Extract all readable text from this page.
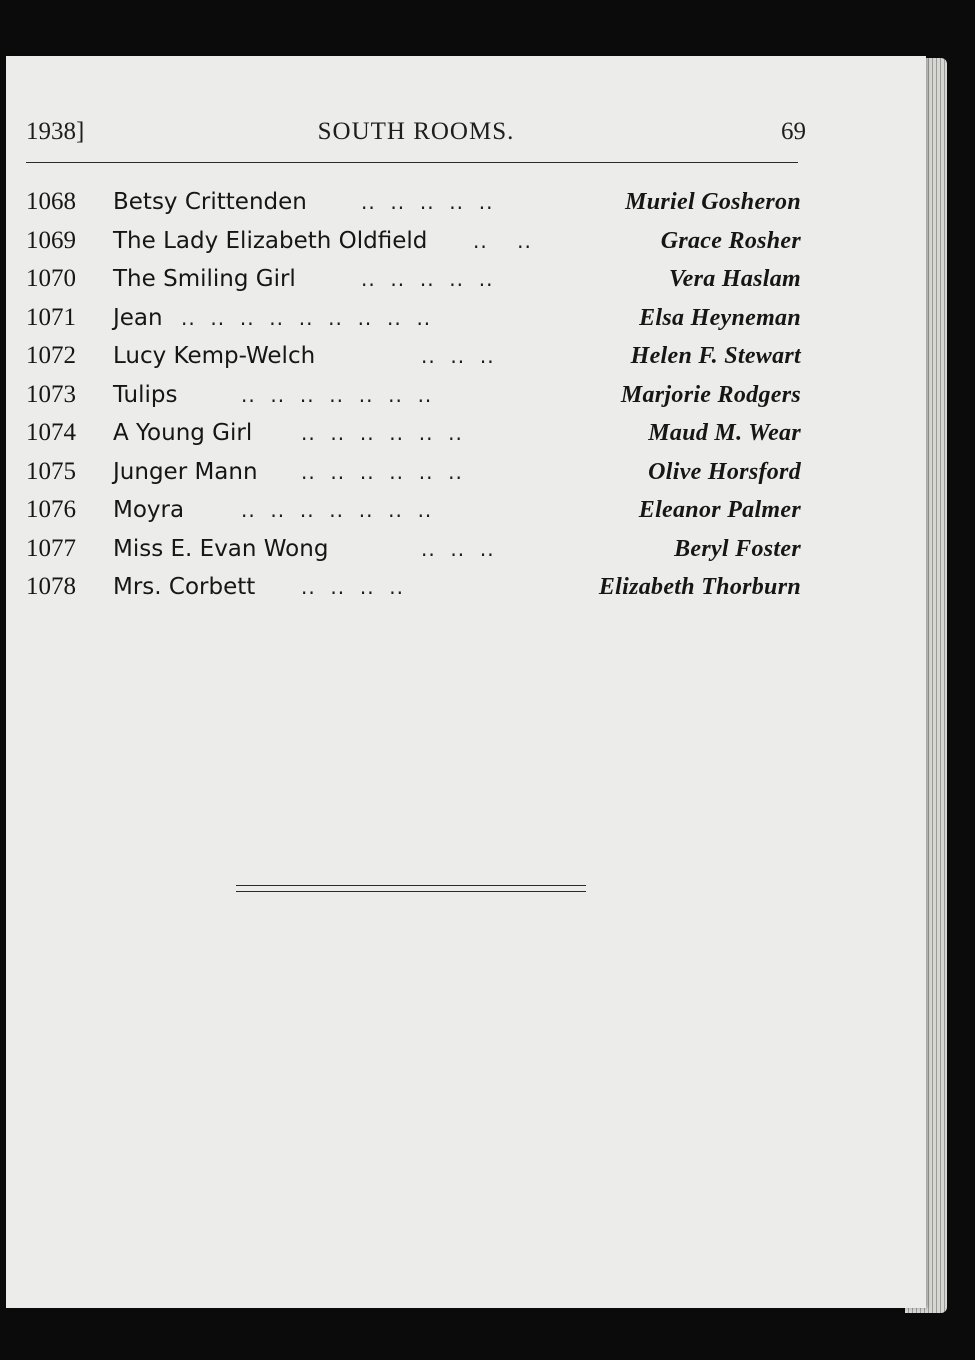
1938]	SOUTH ROOMS.	69
1068	Betsy Crittenden	..  ..  ..  ..  ..	Muriel Gosheron
1069	The Lady Elizabeth Oldfield ..    ..	Grace Rosher
1070	The Smiling Girl	..  ..  ..  ..  ..	Vera Haslam
1071	Jean ..  ..  ..  ..  ..  ..  ..  ..  ..	Elsa Heyneman
1072	Lucy Kemp-Welch	..  ..  ..	Helen F. Stewart
1073	Tulips	..  ..  ..  ..  ..  ..  ..	Marjorie Rodgers
1074	A Young Girl ..  ..  ..  ..  ..  ..	Maud M. Wear
1075	Junger Mann ..  ..  ..  ..  ..  ..	Olive Horsford
1076	Moyra	..  ..  ..  ..  ..  ..  ..	Eleanor Palmer
1077	Miss E. Evan Wong	..  ..  ..	Beryl Foster
1078	Mrs. Corbett ..  ..  ..  ..	Elizabeth Thorburn
